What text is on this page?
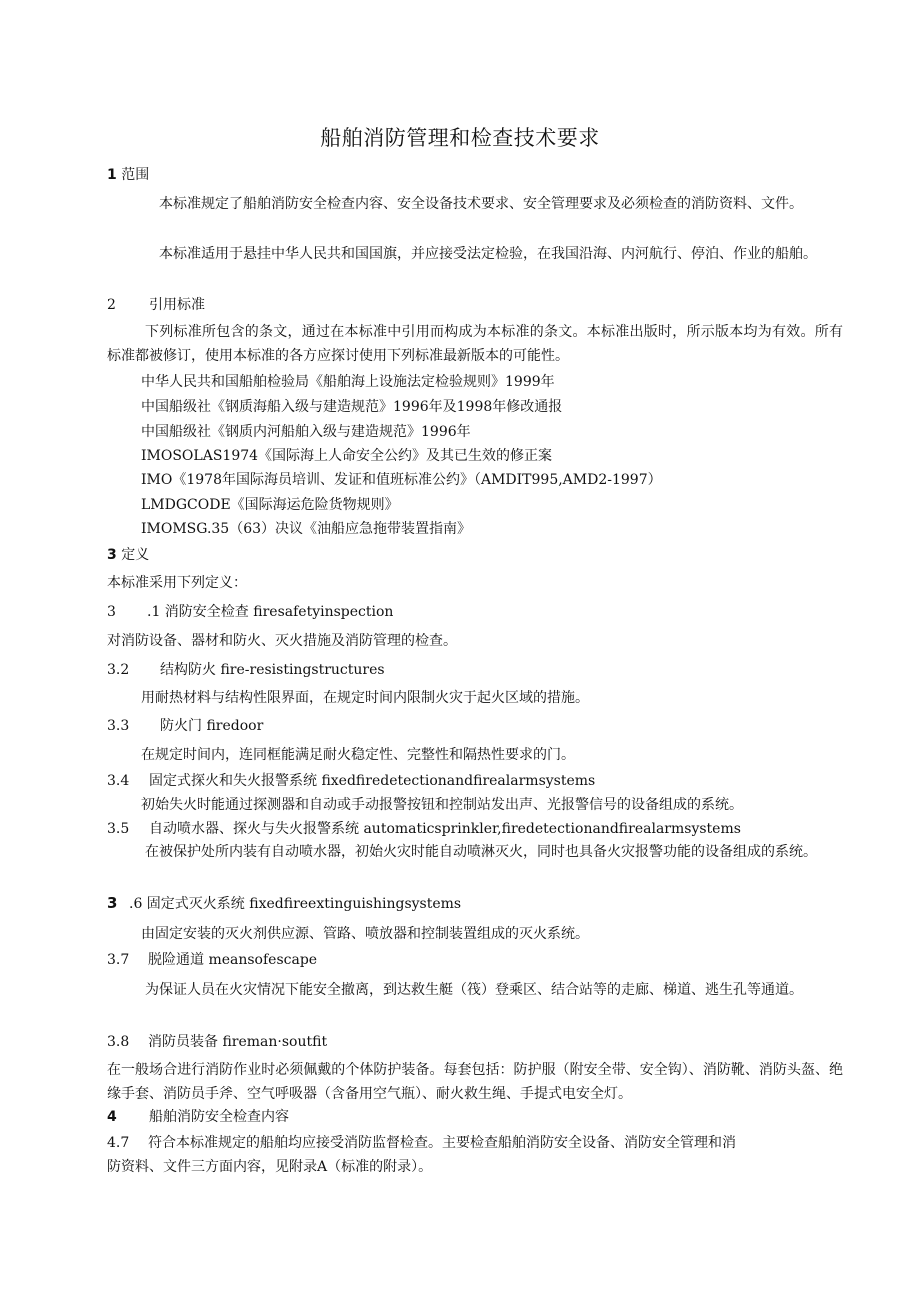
船舶消防管理和检查技术要求
1 范围
本标准规定了船舶消防安全检查内容、安全设备技术要求、安全管理要求及必须检查的消防资料、文件。
本标准适用于悬挂中华人民共和国国旗，并应接受法定检验，在我国沿海、内河航行、停泊、作业的船舶。
2 引用标准
下列标准所包含的条文，通过在本标准中引用而构成为本标准的条文。本标准出版时，所示版本均为有效。所有标准都被修订，使用本标准的各方应探讨使用下列标准最新版本的可能性。
中华人民共和国船舶检验局《船舶海上设施法定检验规则》1999年
中国船级社《钢质海船入级与建造规范》1996年及1998年修改通报
中国船级社《钢质内河船舶入级与建造规范》1996年
IMOSOLAS1974《国际海上人命安全公约》及其已生效的修正案
IMO《1978年国际海员培训、发证和值班标准公约》（AMDIT995,AMD2-1997）
LMDGCODE《国际海运危险货物规则》
IMOMSG.35（63）决议《油船应急拖带装置指南》
3 定义
本标准采用下列定义：
3 .1 消防安全检查 firesafetyinspection
对消防设备、器材和防火、灭火措施及消防管理的检查。
3.2 结构防火 fire-resistingstructures
用耐热材料与结构性限界面，在规定时间内限制火灾于起火区域的措施。
3.3 防火门 firedoor
在规定时间内，连同框能满足耐火稳定性、完整性和隔热性要求的门。
3.4 固定式探火和失火报警系统 fixedfiredetectionandfirealarmsystems
初始失火时能通过探测器和自动或手动报警按钮和控制站发出声、光报警信号的设备组成的系统。
3.5 自动喷水器、探火与失火报警系统 automaticsprinkler,firedetectionandfirealarmsystems
在被保护处所内装有自动喷水器，初始火灾时能自动喷淋灭火，同时也具备火灾报警功能的设备组成的系统。
3 .6 固定式灭火系统 fixedfireextinguishingsystems
由固定安装的灭火剂供应源、管路、喷放器和控制装置组成的灭火系统。
3.7 脱险通道 meansofescape
为保证人员在火灾情况下能安全撤离，到达救生艇（筏）登乘区、结合站等的走廊、梯道、逃生孔等通道。
3.8 消防员装备 fireman·soutfit
在一般场合进行消防作业时必须佩戴的个体防护装备。每套包括：防护服（附安全带、安全钩）、消防靴、消防头盔、绝缘手套、消防员手斧、空气呼吸器（含备用空气瓶）、耐火救生绳、手提式电安全灯。
4 船舶消防安全检查内容
4.7 符合本标准规定的船舶均应接受消防监督检查。主要检查船舶消防安全设备、消防安全管理和消
防资料、文件三方面内容，见附录A（标准的附录）。
